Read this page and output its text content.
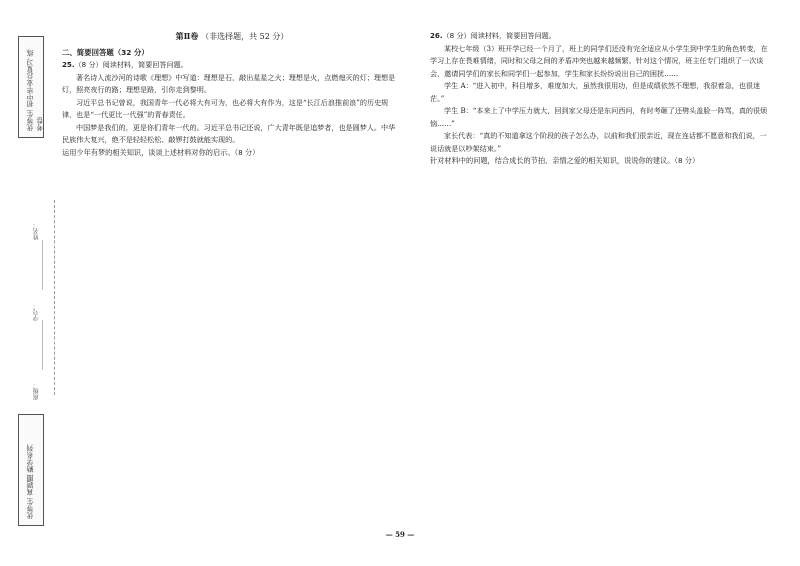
优等生 初中毕业总复习 练考卷
优等生 真题圈 勤学系列
姓名：
学号：
班级：
第Ⅱ卷 （非选择题，共 52 分）
二、简要回答题（32 分）
25.（8 分）阅读材料，简要回答问题。

著名诗人流沙河的诗歌《理想》中写道：理想是石，敲出星星之火；理想是火，点燃熄灭的灯；理想是灯，照亮夜行的路；理想是路，引你走到黎明。

习近平总书记曾说，我国青年一代必将大有可为，也必将大有作为，这是“长江后浪推前浪”的历史规律，也是“一代更比一代强”的青春责任。

中国梦是我们的，更是你们青年一代的。习近平总书记还说，广大青年既是追梦者，也是圆梦人。中华民族伟大复兴，绝不是轻轻松松、敲锣打鼓就能实现的。

运用少年有梦的相关知识，谈谈上述材料对你的启示。（8 分）

26.（8 分）阅读材料，简要回答问题。

某校七年级（3）班开学已经一个月了，班上的同学们还没有完全适应从小学生到中学生的角色转变，在学习上存在畏难情绪，同时和父母之间的矛盾冲突也越来越频繁。针对这个情况，班主任专门组织了一次谈会，邀请同学们的家长和同学们一起参加，学生和家长纷纷说出自己的困扰……

学生 A：“进入初中，科目增多，难度加大，虽然我很用功，但是成绩依然不理想，我很着急，也很迷茫。”

学生 B：“本来上了中学压力就大，回到家父母还是东问西问，有时考砸了还劈头盖脸一阵骂，真的很烦恼……”

家长代表：“真的不知道拿这个阶段的孩子怎么办，以前和我们很亲近，现在连话都不愿意和我们说，一说话就是以吵架结束。”

针对材料中的问题，结合成长的节拍、亲情之爱的相关知识，说说你的建议。（8 分）

— 59 —
